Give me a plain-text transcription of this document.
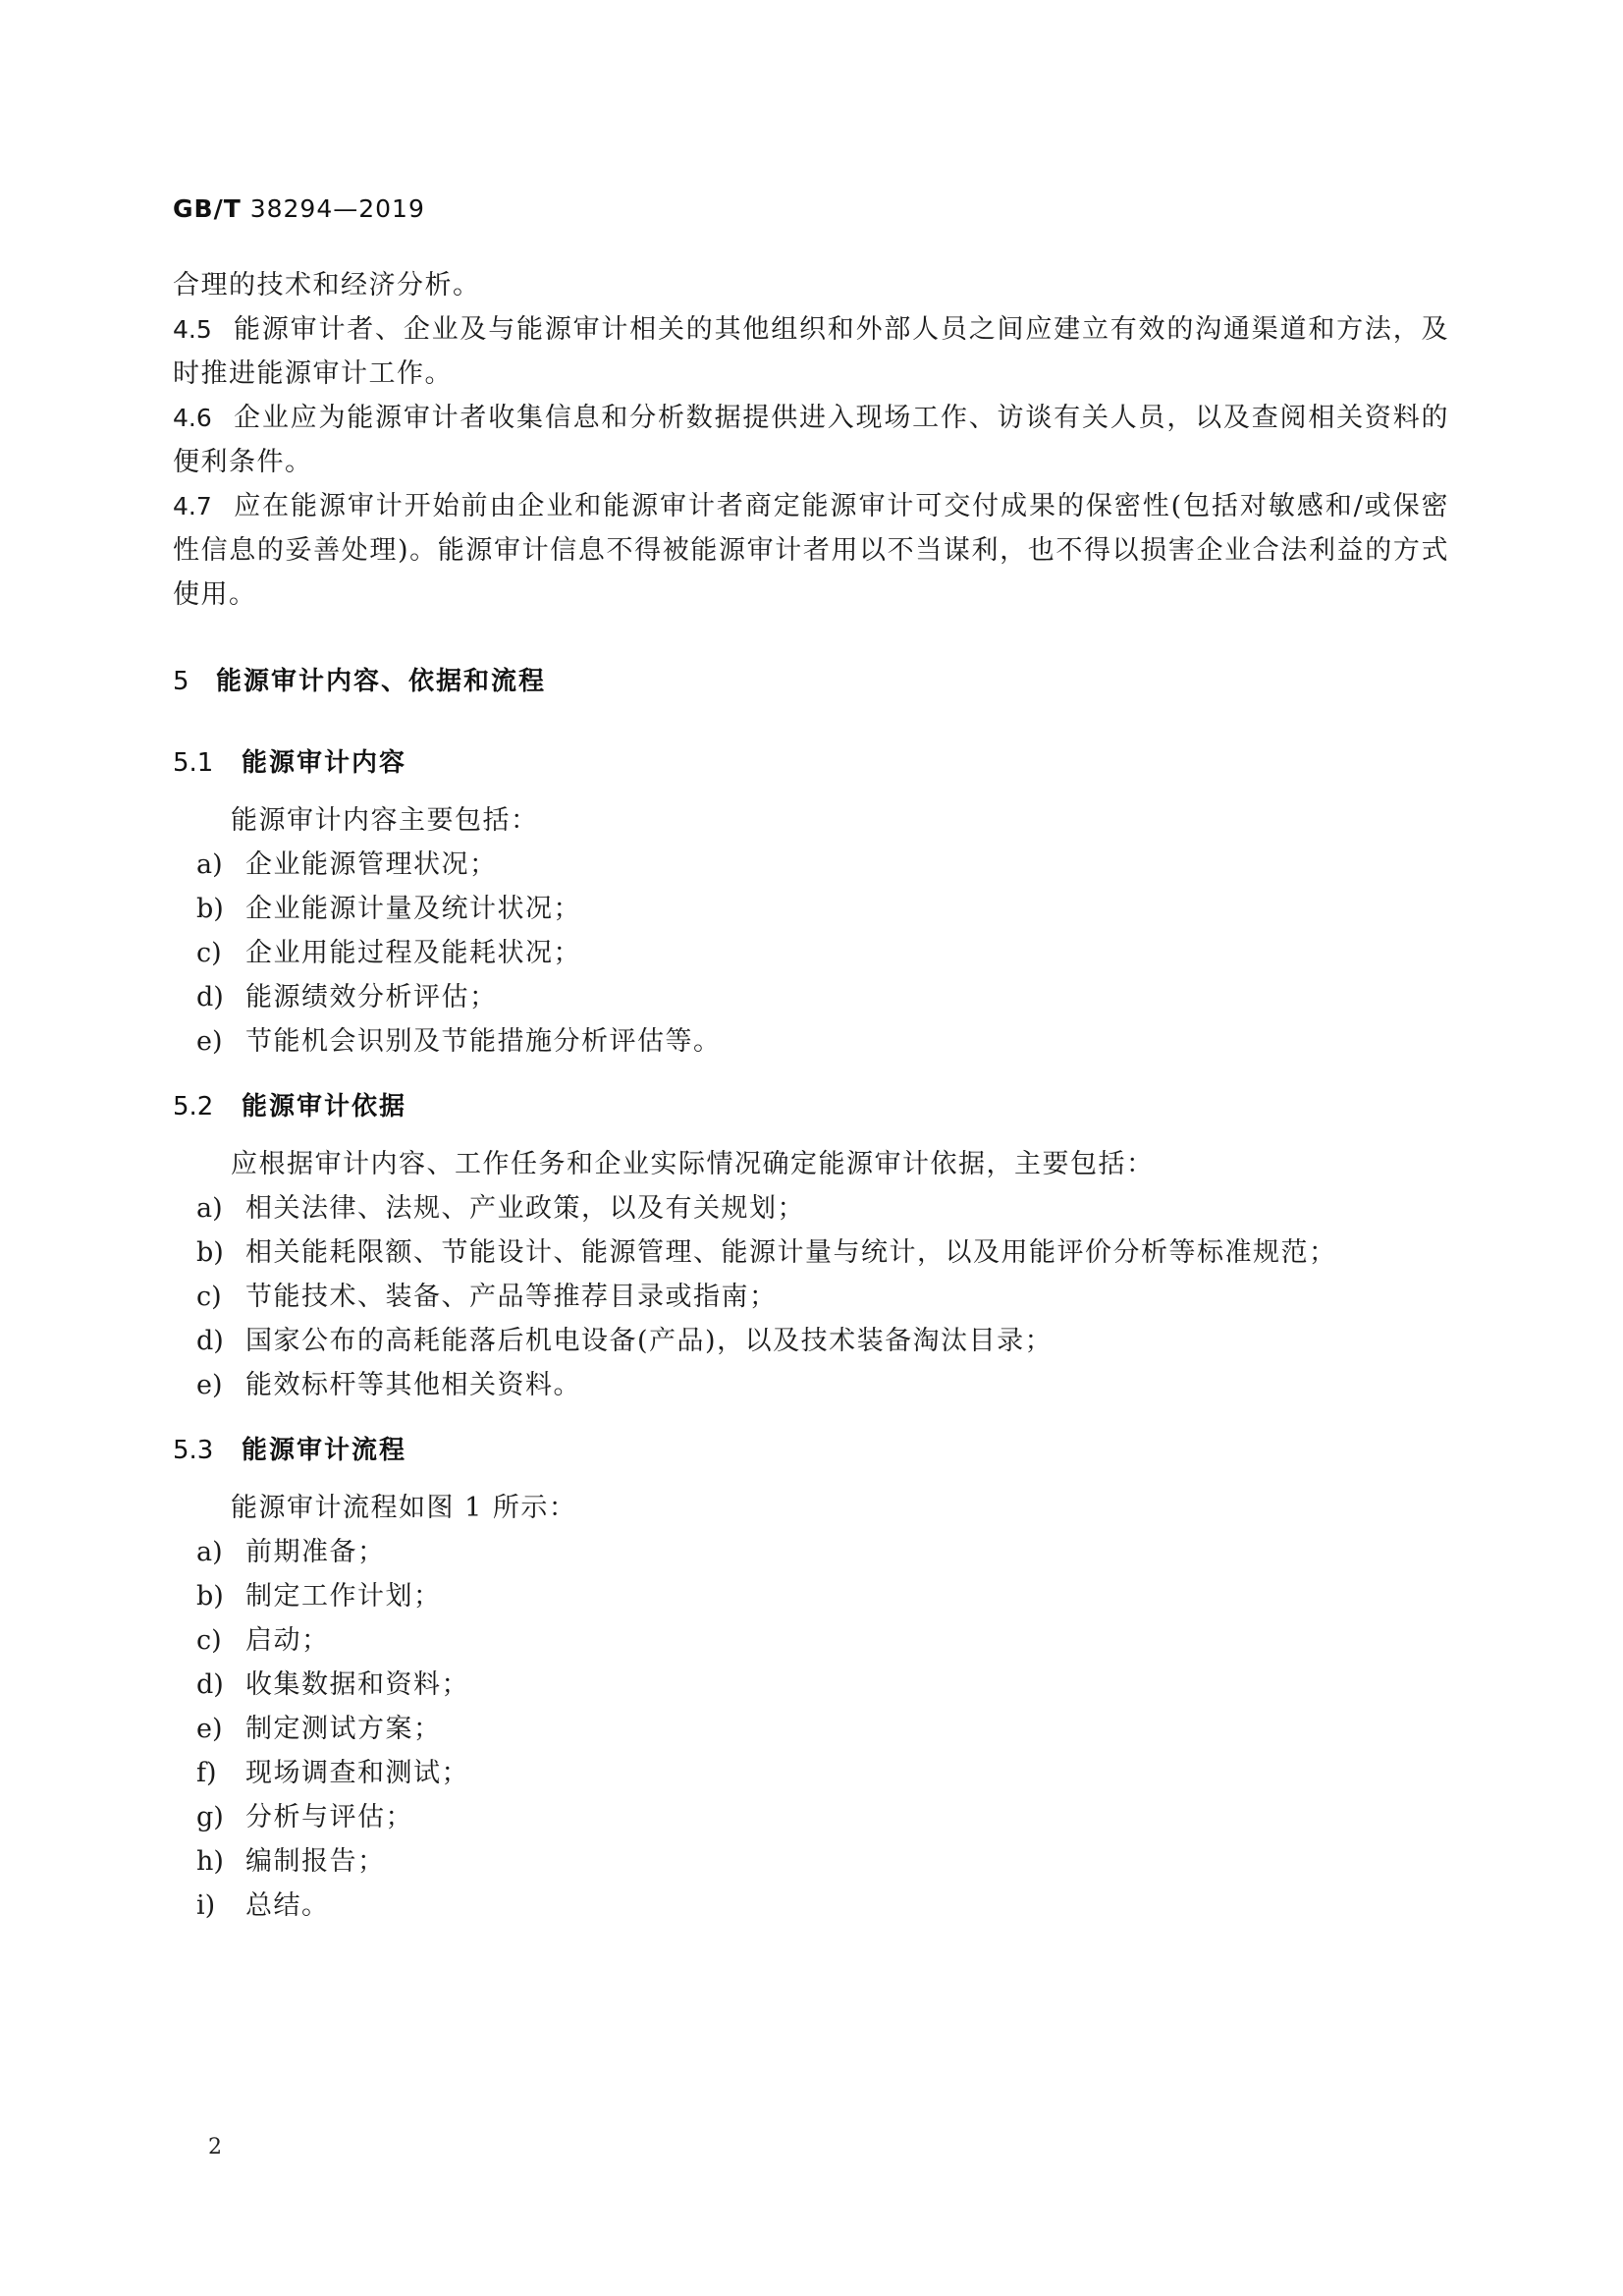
GB/T 38294—2019
合理的技术和经济分析。
4.5 能源审计者、企业及与能源审计相关的其他组织和外部人员之间应建立有效的沟通渠道和方法，及时推进能源审计工作。
4.6 企业应为能源审计者收集信息和分析数据提供进入现场工作、访谈有关人员，以及查阅相关资料的便利条件。
4.7 应在能源审计开始前由企业和能源审计者商定能源审计可交付成果的保密性(包括对敏感和/或保密性信息的妥善处理)。能源审计信息不得被能源审计者用以不当谋利，也不得以损害企业合法利益的方式使用。
5 能源审计内容、依据和流程
5.1 能源审计内容
能源审计内容主要包括：
a) 企业能源管理状况；
b) 企业能源计量及统计状况；
c) 企业用能过程及能耗状况；
d) 能源绩效分析评估；
e) 节能机会识别及节能措施分析评估等。
5.2 能源审计依据
应根据审计内容、工作任务和企业实际情况确定能源审计依据，主要包括：
a) 相关法律、法规、产业政策，以及有关规划；
b) 相关能耗限额、节能设计、能源管理、能源计量与统计，以及用能评价分析等标准规范；
c) 节能技术、装备、产品等推荐目录或指南；
d) 国家公布的高耗能落后机电设备(产品)，以及技术装备淘汰目录；
e) 能效标杆等其他相关资料。
5.3 能源审计流程
能源审计流程如图 1 所示：
a) 前期准备；
b) 制定工作计划；
c) 启动；
d) 收集数据和资料；
e) 制定测试方案；
f) 现场调查和测试；
g) 分析与评估；
h) 编制报告；
i) 总结。
2
